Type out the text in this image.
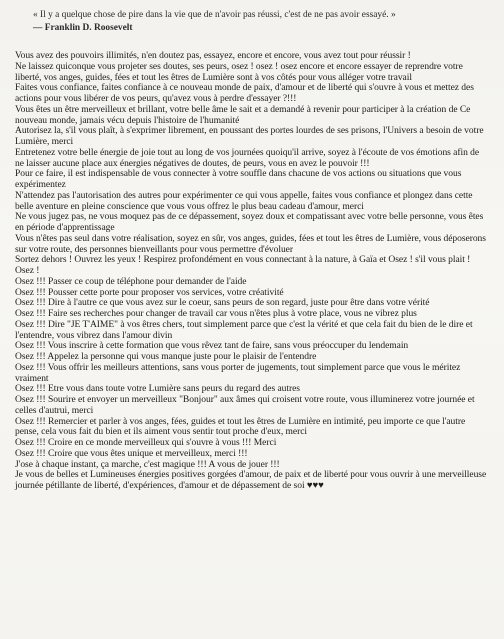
« Il y a quelque chose de pire dans la vie que de n'avoir pas réussi, c'est de ne pas avoir essayé. »
— Franklin D. Roosevelt

Vous avez des pouvoirs illimités, n'en doutez pas, essayez, encore et encore, vous avez tout pour réussir !

Ne laissez quiconque vous projeter ses doutes, ses peurs, osez ! osez ! osez encore et encore essayer de reprendre votre liberté, vos anges, guides, fées et tout les êtres de Lumière sont à vos côtés pour vous alléger votre travail

Faites vous confiance, faites confiance à ce nouveau monde de paix, d'amour et de liberté qui s'ouvre à vous et mettez des actions pour vous libérer de vos peurs, qu'avez vous à perdre d'essayer ?!!!

Vous êtes un être merveilleux et brillant, votre belle âme le sait et a demandé à revenir pour participer à la création de Ce nouveau monde, jamais vécu depuis l'histoire de l'humanité

Autorisez la, s'il vous plaît, à s'exprimer librement, en poussant des portes lourdes de ses prisons, l'Univers a besoin de votre Lumière, merci

Entretenez votre belle énergie de joie tout au long de vos journées quoiqu'il arrive, soyez à l'écoute de vos émotions afin de ne laisser aucune place aux énergies négatives de doutes, de peurs, vous en avez le pouvoir !!!

Pour ce faire, il est indispensable de vous connecter à votre souffle dans chacune de vos actions ou situations que vous expérimentez

N'attendez pas l'autorisation des autres pour expérimenter ce qui vous appelle, faites vous confiance et plongez dans cette belle aventure en pleine conscience que vous vous offrez le plus beau cadeau d'amour, merci

Ne vous jugez pas, ne vous moquez pas de ce dépassement, soyez doux et compatissant avec votre belle personne, vous êtes en période d'apprentissage

Vous n'êtes pas seul dans votre réalisation, soyez en sûr, vos anges, guides, fées et tout les êtres de Lumière, vous déposerons sur votre route, des personnes bienveillants pour vous permettre d'évoluer

Sortez dehors ! Ouvrez les yeux ! Respirez profondément en vous connectant à la nature, à Gaïa et Osez ! s'il vous plait ! Osez !

Osez !!! Passer ce coup de téléphone pour demander de l'aide

Osez !!! Pousser cette porte pour proposer vos services, votre créativité

Osez !!! Dire à l'autre ce que vous avez sur le coeur, sans peurs de son regard, juste pour être dans votre vérité

Osez !!! Faire ses recherches pour changer de travail car vous n'êtes plus à votre place, vous ne vibrez plus

Osez !!! Dire "JE T'AIME" à vos êtres chers, tout simplement parce que c'est la vérité et que cela fait du bien de le dire et l'entendre, vous vibrez dans l'amour divin

Osez !!! Vous inscrire à cette formation que vous rêvez tant de faire, sans vous préoccuper du lendemain

Osez !!! Appelez la personne qui vous manque juste pour le plaisir de l'entendre

Osez !!! Vous offrir les meilleurs attentions, sans vous porter de jugements, tout simplement parce que vous le méritez vraiment

Osez !!! Etre vous dans toute votre Lumière sans peurs du regard des autres

Osez !!! Sourire et envoyer un merveilleux "Bonjour" aux âmes qui croisent votre route, vous illuminerez votre journée et celles d'autrui, merci

Osez !!! Remercier et parler à vos anges, fées, guides et tout les êtres de Lumière en intimité, peu importe ce que l'autre pense, cela vous fait du bien et ils aiment vous sentir tout proche d'eux, merci

Osez !!! Croire en ce monde merveilleux qui s'ouvre à vous !!! Merci

Osez !!! Croire que vous êtes unique et merveilleux, merci !!!

J'ose à chaque instant, ça marche, c'est magique !!! A vous de jouer !!!

Je vous de belles et Lumineuses énergies positives gorgées d'amour, de paix et de liberté pour vous ouvrir à une merveilleuse journée pétillante de liberté, d'expériences, d'amour et de dépassement de soi ♥♥♥
